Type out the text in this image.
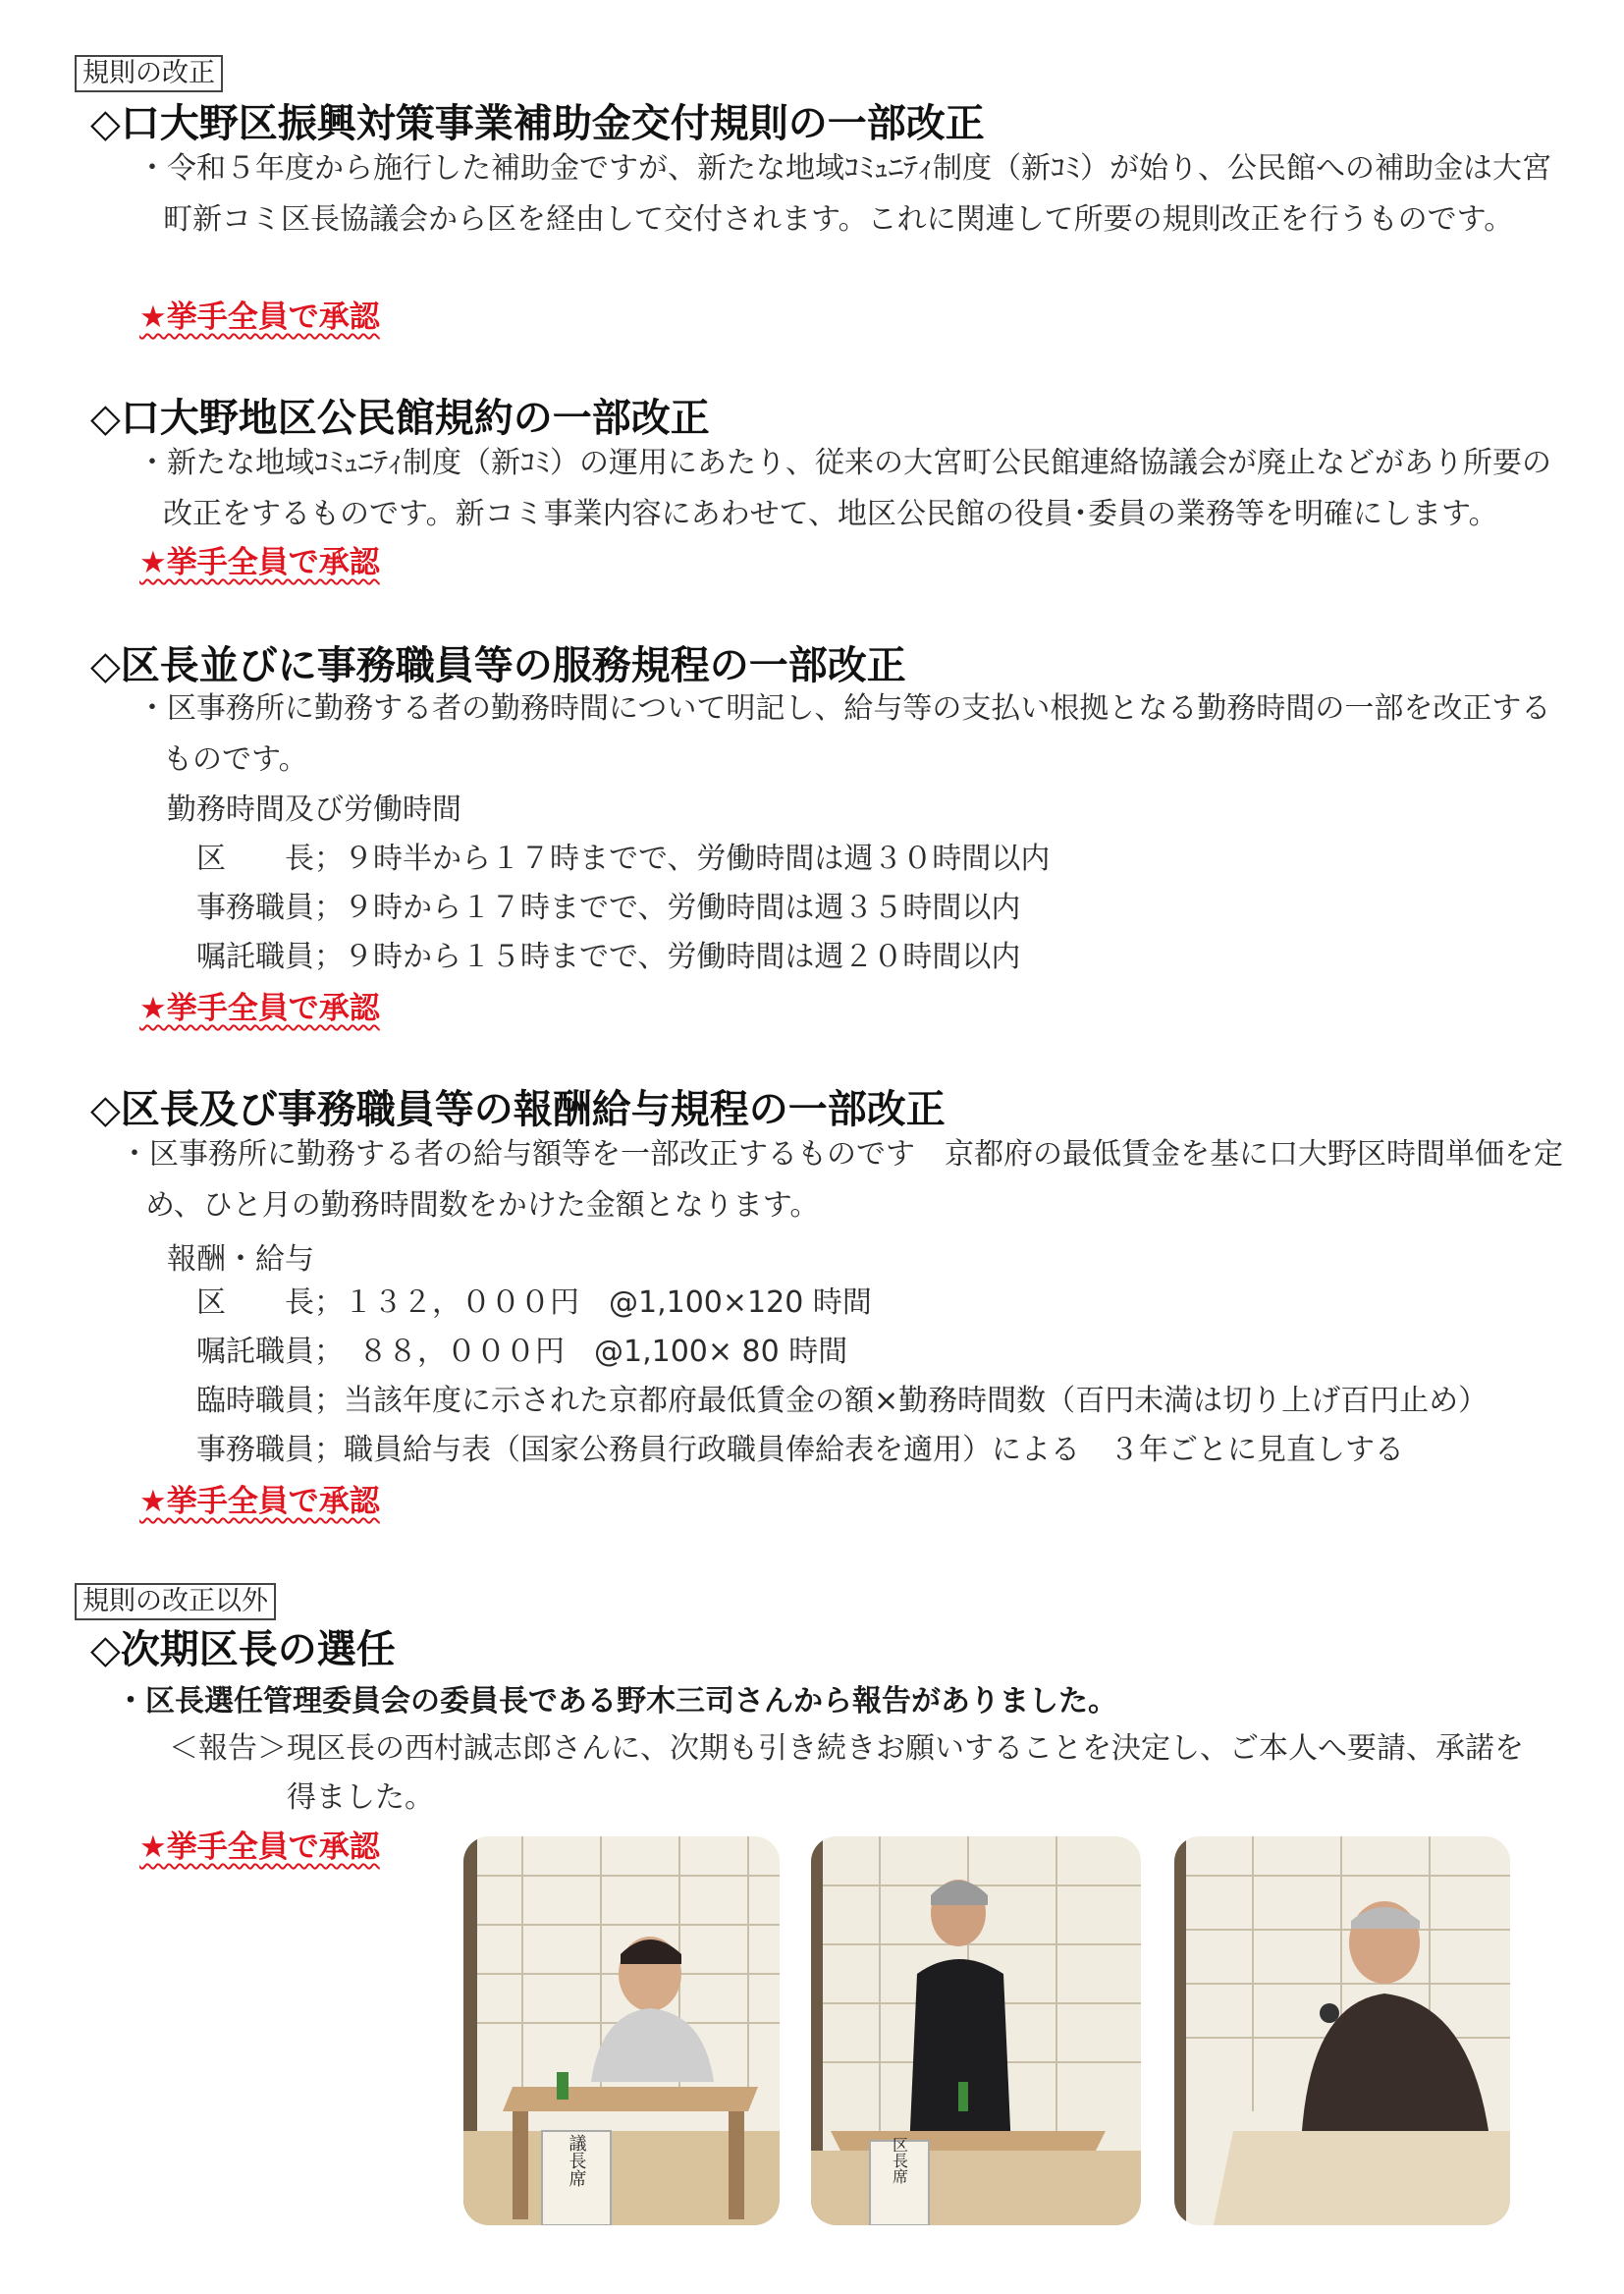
規則の改正
◇口大野区振興対策事業補助金交付規則の一部改正

・令和５年度から施行した補助金ですが、新たな地域ｺﾐｭﾆﾃｨ制度（新ｺﾐ）が始り、公民館への補助金は大宮町新コミ区長協議会から区を経由して交付されます。これに関連して所要の規則改正を行うものです。

★挙手全員で承認

◇口大野地区公民館規約の一部改正

・新たな地域ｺﾐｭﾆﾃｨ制度（新ｺﾐ）の運用にあたり、従来の大宮町公民館連絡協議会が廃止などがあり所要の改正をするものです。新コミ事業内容にあわせて、地区公民館の役員･委員の業務等を明確にします。

★挙手全員で承認

◇区長並びに事務職員等の服務規程の一部改正

・区事務所に勤務する者の勤務時間について明記し、給与等の支払い根拠となる勤務時間の一部を改正するものです。

勤務時間及び労働時間

区　　長；９時半から１７時までで、労働時間は週３０時間以内

事務職員；９時から１７時までで、労働時間は週３５時間以内

嘱託職員；９時から１５時までで、労働時間は週２０時間以内

★挙手全員で承認

◇区長及び事務職員等の報酬給与規程の一部改正

・区事務所に勤務する者の給与額等を一部改正するものです　京都府の最低賃金を基に口大野区時間単価を定め、ひと月の勤務時間数をかけた金額となります。

報酬・給与

区　　長；１３２，０００円　@1,100×120 時間

嘱託職員；　８８，０００円　@1,100× 80 時間

臨時職員；当該年度に示された京都府最低賃金の額×勤務時間数（百円未満は切り上げ百円止め）

事務職員；職員給与表（国家公務員行政職員俸給表を適用）による　３年ごとに見直しする

★挙手全員で承認

規則の改正以外
◇次期区長の選任

・区長選任管理委員会の委員長である野木三司さんから報告がありました。

＜報告＞ 現区長の西村誠志郎さんに、次期も引き続きお願いすることを決定し、ご本人へ要請、承諾を

得ました。

★挙手全員で承認

議長席	区長席
